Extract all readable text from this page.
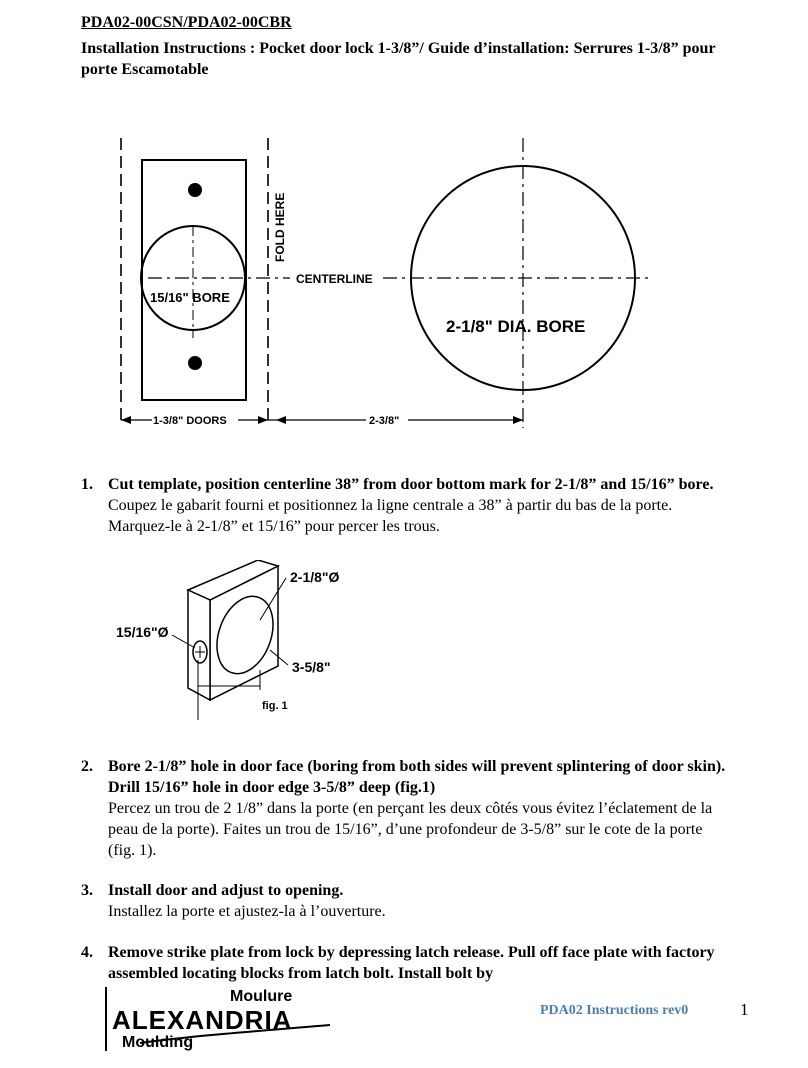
PDA02-00CSN/PDA02-00CBR
Installation Instructions : Pocket door lock 1-3/8”/ Guide d’installation: Serrures 1-3/8” pour porte Escamotable
15/16" BORE
CENTERLINE
2-1/8" DIA. BORE
1-3/8" DOORS	2-3/8"
FOLD HERE
1. Cut template, position centerline 38” from door bottom mark for 2-1/8” and 15/16” bore.
Coupez le gabarit fourni et positionnez la ligne centrale a 38” à partir du bas de la porte. Marquez-le à 2-1/8” et 15/16” pour percer les trous.
2-1/8"Ø
15/16"Ø
3-5/8"
fig. 1
2. Bore 2-1/8” hole in door face (boring from both sides will prevent splintering of door skin). Drill 15/16” hole in door edge 3-5/8” deep (fig.1)
Percez un trou de 2 1/8” dans la porte (en perçant les deux côtés vous évitez l’éclatement de la peau de la porte). Faites un trou de 15/16”, d’une profondeur de 3-5/8” sur le cote de la porte (fig. 1).
3. Install door and adjust to opening.
Installez la porte et ajustez-la à l’ouverture.
4. Remove strike plate from lock by depressing latch release. Pull off face plate with factory assembled locating blocks from latch bolt. Install bolt by
Moulure
ALEXANDRIA
Moulding
PDA02 Instructions rev0	1
